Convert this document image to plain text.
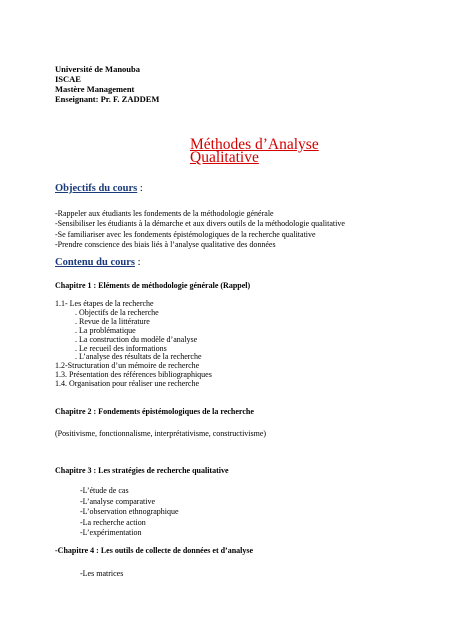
Université de Manouba
ISCAE
Mastère Management
Enseignant: Pr. F. ZADDEM
Méthodes d’Analyse
Qualitative
Objectifs du cours :
-Rappeler aux étudiants les fondements de la méthodologie générale
-Sensibiliser les étudiants à la démarche et aux divers outils de la méthodologie qualitative
-Se familiariser avec les fondements épistémologiques de la recherche qualitative
-Prendre conscience des biais liés à l’analyse qualitative des données
Contenu du cours :
Chapitre 1 : Eléments de méthodologie générale (Rappel)
1.1- Les étapes de la recherche
. Objectifs de la recherche
. Revue de la littérature
. La problématique
. La construction du modèle d’analyse
. Le recueil des informations
. L’analyse des résultats de la recherche
1.2-Structuration d’un mémoire de recherche
1.3. Présentation des références bibliographiques
1.4. Organisation pour réaliser une recherche
Chapitre 2 : Fondements épistémologiques de la recherche
(Positivisme, fonctionnalisme, interprétativisme, constructivisme)
Chapitre 3 : Les stratégies de recherche qualitative
-L’étude de cas
-L’analyse comparative
-L’observation ethnographique
-La recherche action
-L’expérimentation
-Chapitre 4 : Les outils de collecte de données et d’analyse
-Les matrices
